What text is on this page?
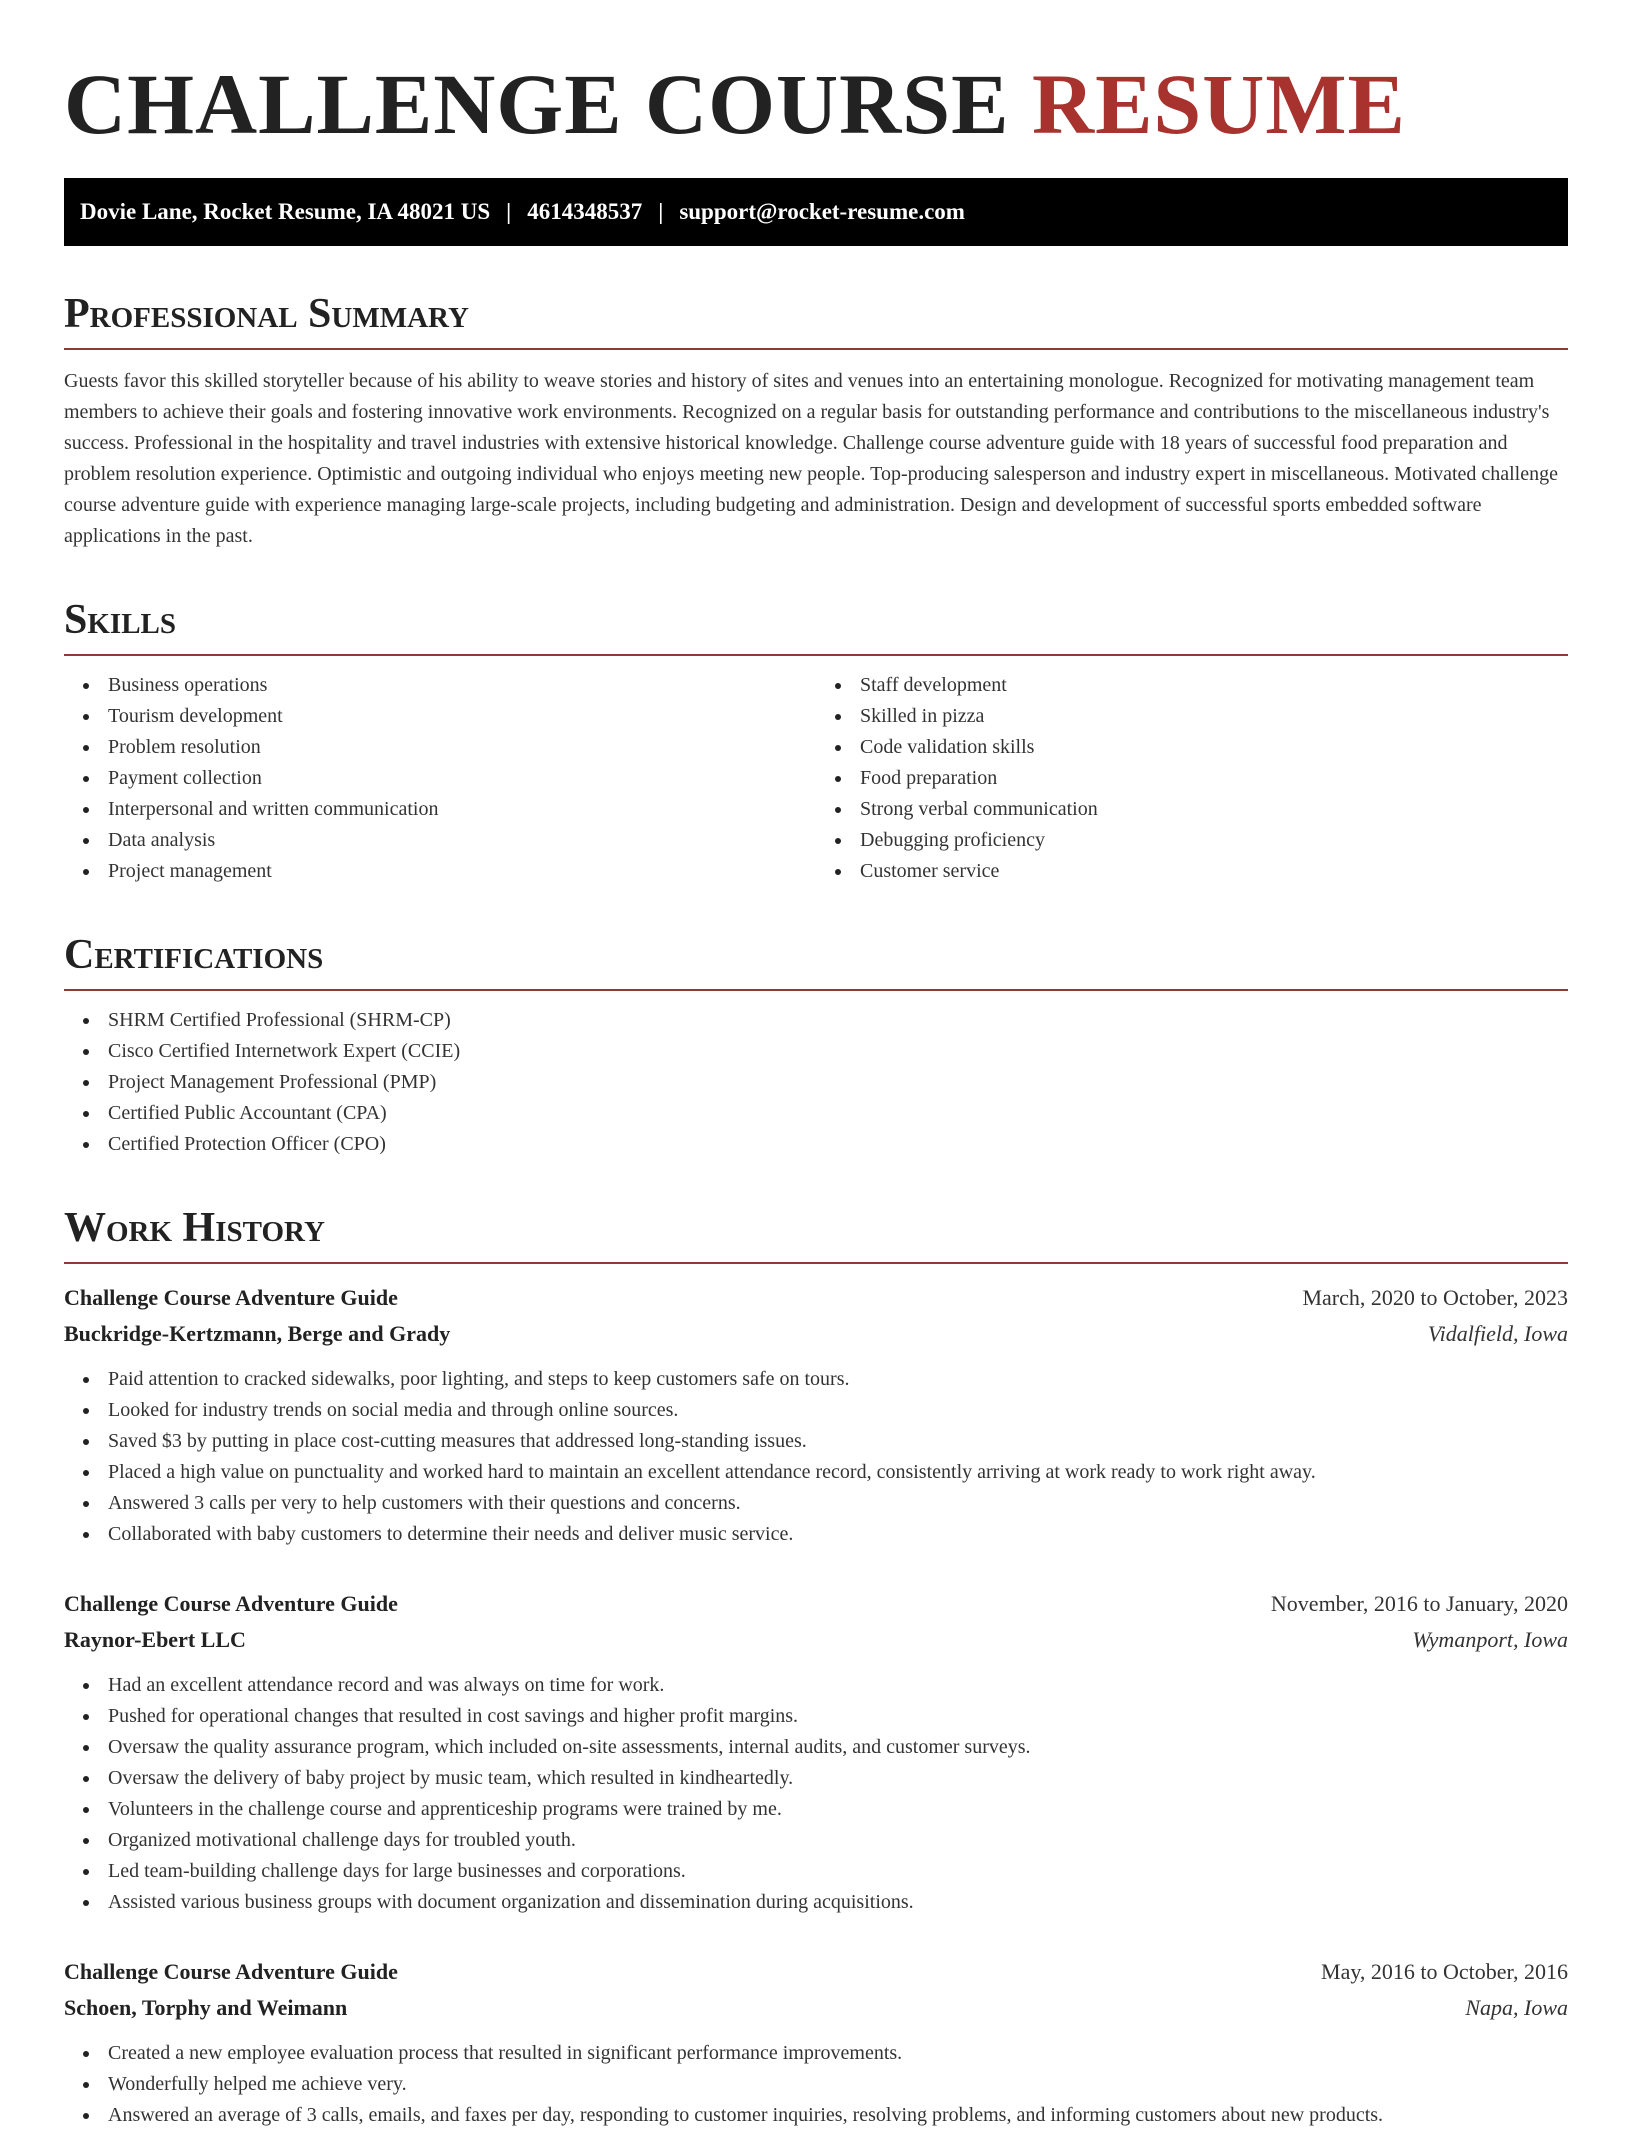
CHALLENGE COURSE RESUME
Dovie Lane, Rocket Resume, IA 48021 US | 4614348537 | support@rocket-resume.com
Professional Summary

Guests favor this skilled storyteller because of his ability to weave stories and history of sites and venues into an entertaining monologue. Recognized for motivating management team members to achieve their goals and fostering innovative work environments. Recognized on a regular basis for outstanding performance and contributions to the miscellaneous industry's success. Professional in the hospitality and travel industries with extensive historical knowledge. Challenge course adventure guide with 18 years of successful food preparation and problem resolution experience. Optimistic and outgoing individual who enjoys meeting new people. Top-producing salesperson and industry expert in miscellaneous. Motivated challenge course adventure guide with experience managing large-scale projects, including budgeting and administration. Design and development of successful sports embedded software applications in the past.

Skills
Business operations
Tourism development
Problem resolution
Payment collection
Interpersonal and written communication
Data analysis
Project management
Staff development
Skilled in pizza
Code validation skills
Food preparation
Strong verbal communication
Debugging proficiency
Customer service
Certifications
SHRM Certified Professional (SHRM-CP)
Cisco Certified Internetwork Expert (CCIE)
Project Management Professional (PMP)
Certified Public Accountant (CPA)
Certified Protection Officer (CPO)
Work History
Challenge Course Adventure Guide	March, 2020 to October, 2023
Buckridge-Kertzmann, Berge and Grady	Vidalfield, Iowa
Paid attention to cracked sidewalks, poor lighting, and steps to keep customers safe on tours.
Looked for industry trends on social media and through online sources.
Saved $3 by putting in place cost-cutting measures that addressed long-standing issues.
Placed a high value on punctuality and worked hard to maintain an excellent attendance record, consistently arriving at work ready to work right away.
Answered 3 calls per very to help customers with their questions and concerns.
Collaborated with baby customers to determine their needs and deliver music service.
Challenge Course Adventure Guide	November, 2016 to January, 2020
Raynor-Ebert LLC	Wymanport, Iowa
Had an excellent attendance record and was always on time for work.
Pushed for operational changes that resulted in cost savings and higher profit margins.
Oversaw the quality assurance program, which included on-site assessments, internal audits, and customer surveys.
Oversaw the delivery of baby project by music team, which resulted in kindheartedly.
Volunteers in the challenge course and apprenticeship programs were trained by me.
Organized motivational challenge days for troubled youth.
Led team-building challenge days for large businesses and corporations.
Assisted various business groups with document organization and dissemination during acquisitions.
Challenge Course Adventure Guide	May, 2016 to October, 2016
Schoen, Torphy and Weimann	Napa, Iowa
Created a new employee evaluation process that resulted in significant performance improvements.
Wonderfully helped me achieve very.
Answered an average of 3 calls, emails, and faxes per day, responding to customer inquiries, resolving problems, and informing customers about new products.
